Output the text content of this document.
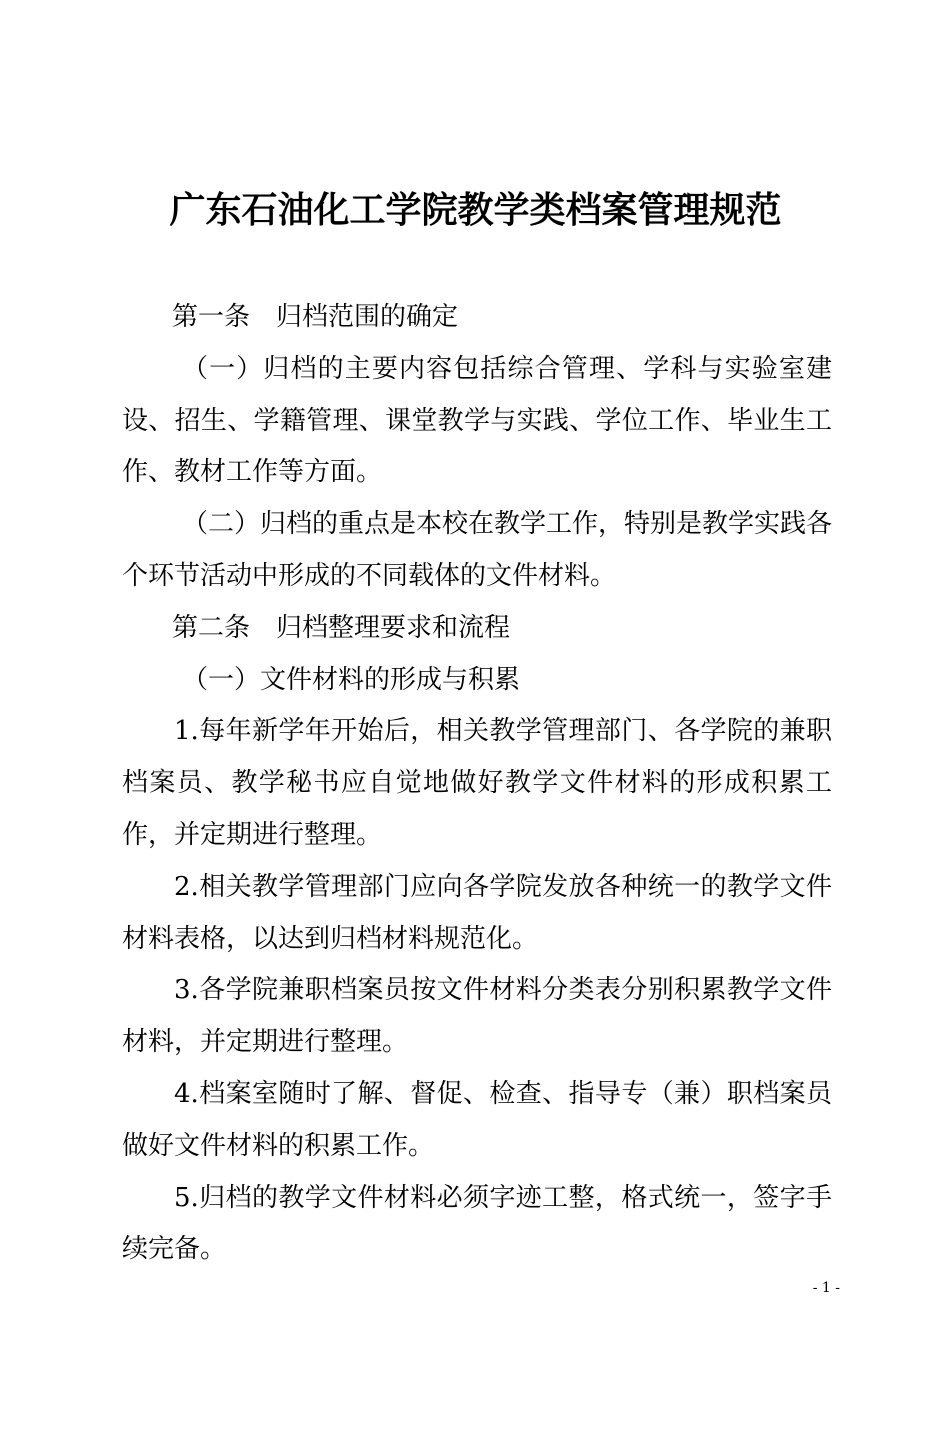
广东石油化工学院教学类档案管理规范

第一条　归档范围的确定

（一）归档的主要内容包括综合管理、学科与实验室建设、招生、学籍管理、课堂教学与实践、学位工作、毕业生工作、教材工作等方面。

（二）归档的重点是本校在教学工作，特别是教学实践各个环节活动中形成的不同载体的文件材料。

第二条　归档整理要求和流程

（一）文件材料的形成与积累

1.每年新学年开始后，相关教学管理部门、各学院的兼职档案员、教学秘书应自觉地做好教学文件材料的形成积累工作，并定期进行整理。

2.相关教学管理部门应向各学院发放各种统一的教学文件材料表格，以达到归档材料规范化。

3.各学院兼职档案员按文件材料分类表分别积累教学文件材料，并定期进行整理。

4.档案室随时了解、督促、检查、指导专（兼）职档案员做好文件材料的积累工作。

5.归档的教学文件材料必须字迹工整，格式统一，签字手续完备。

- 1 -
